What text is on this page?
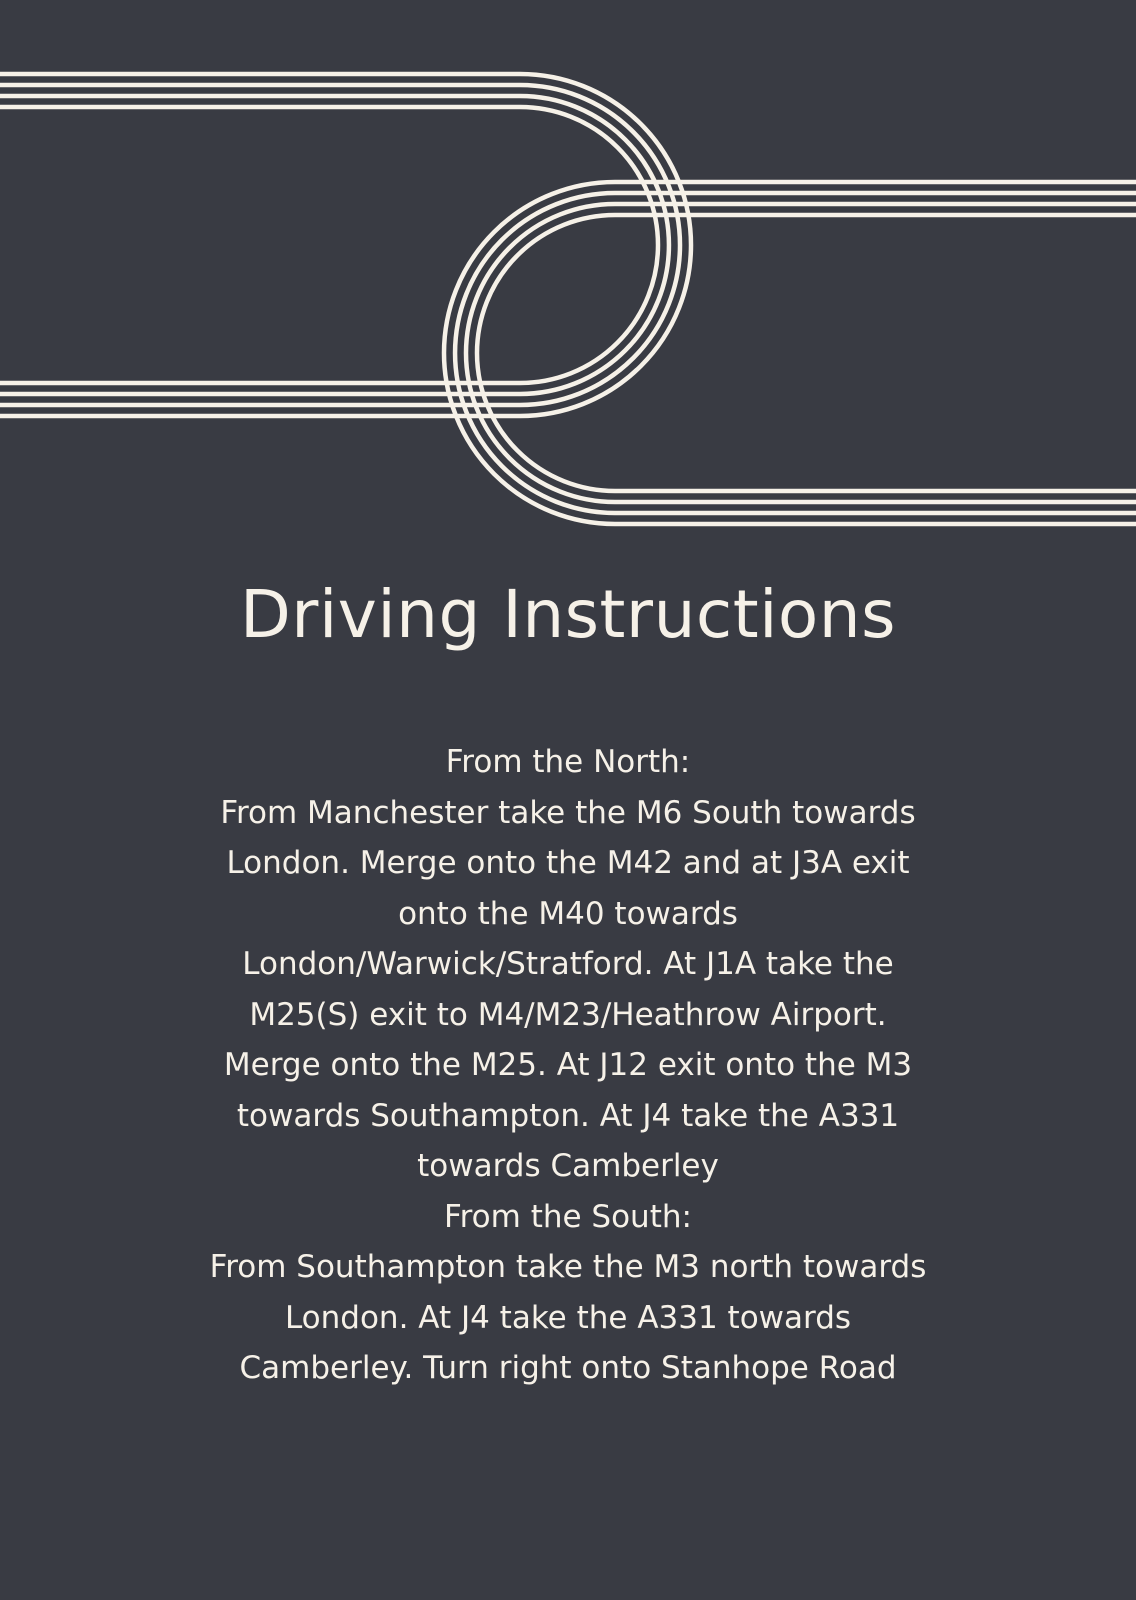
Driving Instructions

From the North:

From Manchester take the M6 South towards London. Merge onto the M42 and at J3A exit onto the M40 towards London/Warwick/Stratford. At J1A take the M25(S) exit to M4/M23/Heathrow Airport. Merge onto the M25. At J12 exit onto the M3 towards Southampton. At J4 take the A331 towards Camberley

From the South:

From Southampton take the M3 north towards London. At J4 take the A331 towards Camberley. Turn right onto Stanhope Road
